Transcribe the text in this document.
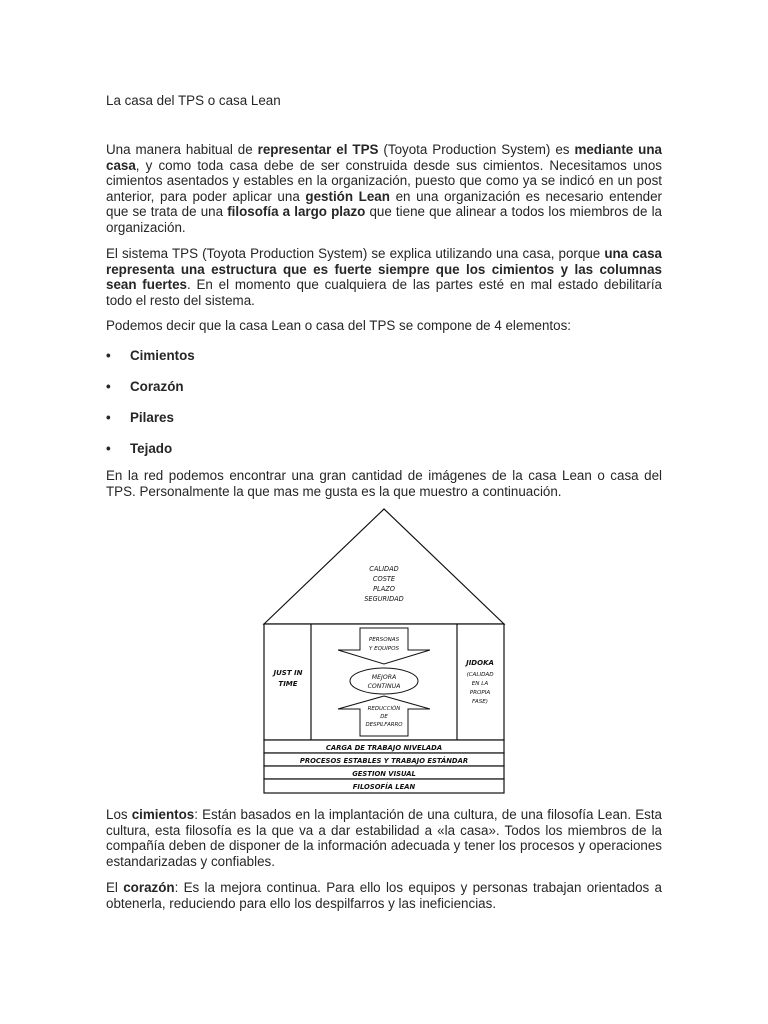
La casa del TPS o casa Lean
Una manera habitual de representar el TPS (Toyota Production System) es mediante una casa, y como toda casa debe de ser construida desde sus cimientos. Necesitamos unos cimientos asentados y estables en la organización, puesto que como ya se indicó en un post anterior, para poder aplicar una gestión Lean en una organización es necesario entender que se trata de una filosofía a largo plazo que tiene que alinear a todos los miembros de la organización.
El sistema TPS (Toyota Production System) se explica utilizando una casa, porque una casa representa una estructura que es fuerte siempre que los cimientos y las columnas sean fuertes. En el momento que cualquiera de las partes esté en mal estado debilitaría todo el resto del sistema.
Podemos decir que la casa Lean o casa del TPS se compone de 4 elementos:
• Cimientos
• Corazón
• Pilares
• Tejado
En la red podemos encontrar una gran cantidad de imágenes de la casa Lean o casa del TPS. Personalmente la que mas me gusta es la que muestro a continuación.
CALIDAD
COSTE
PLAZO
SEGURIDAD
JUST IN
TIME
JIDOKA
(CALIDAD
EN LA
PROPIA
FASE)
PERSONAS
Y EQUIPOS
MEJORA
CONTINUA
REDUCCIÓN
DE
DESPILFARRO
CARGA DE TRABAJO NIVELADA
PROCESOS ESTABLES Y TRABAJO ESTÁNDAR
GESTION VISUAL
FILOSOFÍA LEAN
Los cimientos: Están basados en la implantación de una cultura, de una filosofía Lean. Esta cultura, esta filosofía es la que va a dar estabilidad a «la casa». Todos los miembros de la compañía deben de disponer de la información adecuada y tener los procesos y operaciones estandarizadas y confiables.
El corazón: Es la mejora continua. Para ello los equipos y personas trabajan orientados a obtenerla, reduciendo para ello los despilfarros y las ineficiencias.
